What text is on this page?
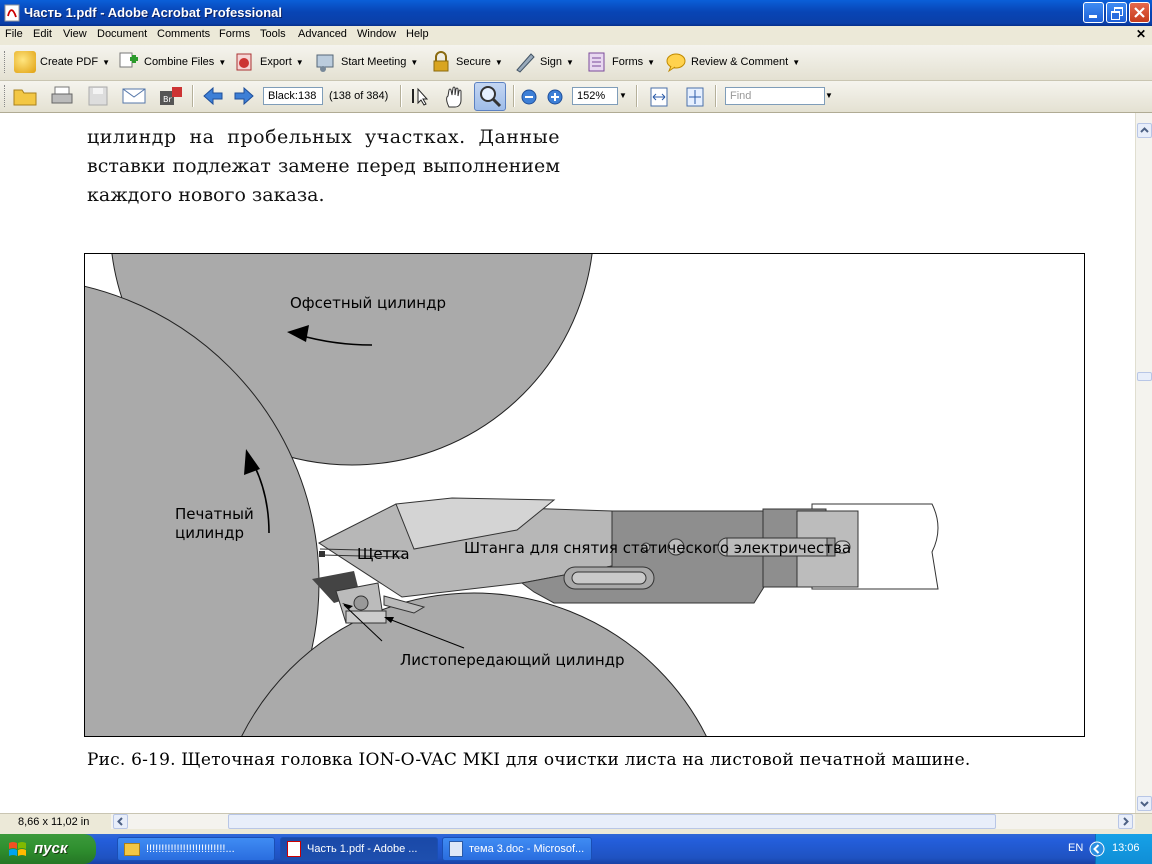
Часть 1.pdf - Adobe Acrobat Professional
File Edit View Document Comments Forms Tools Advanced Window Help	✕
Create PDF ▼	Combine Files ▼	Export ▼	Start Meeting ▼	Secure ▼	Sign ▼	Forms ▼	Review & Comment ▼
Br	Black:138	(138 of 384)	152%	▼	Find	▼
цилиндр на пробельных участках. Данные
вставки подлежат замене перед выполнением
каждого нового заказа.
Офсетный цилиндр
Печатный
цилиндр
Щетка	Штанга для снятия статического электричества
Листопередающий цилиндр
Рис. 6-19. Щеточная головка ION-O-VAC MKI для очистки листа на листовой печатной машине.
8,66 x 11,02 in
пуск	!!!!!!!!!!!!!!!!!!!!!!!!!!...	Часть 1.pdf - Adobe ...	тема 3.doc - Microsof...	EN	13:06
